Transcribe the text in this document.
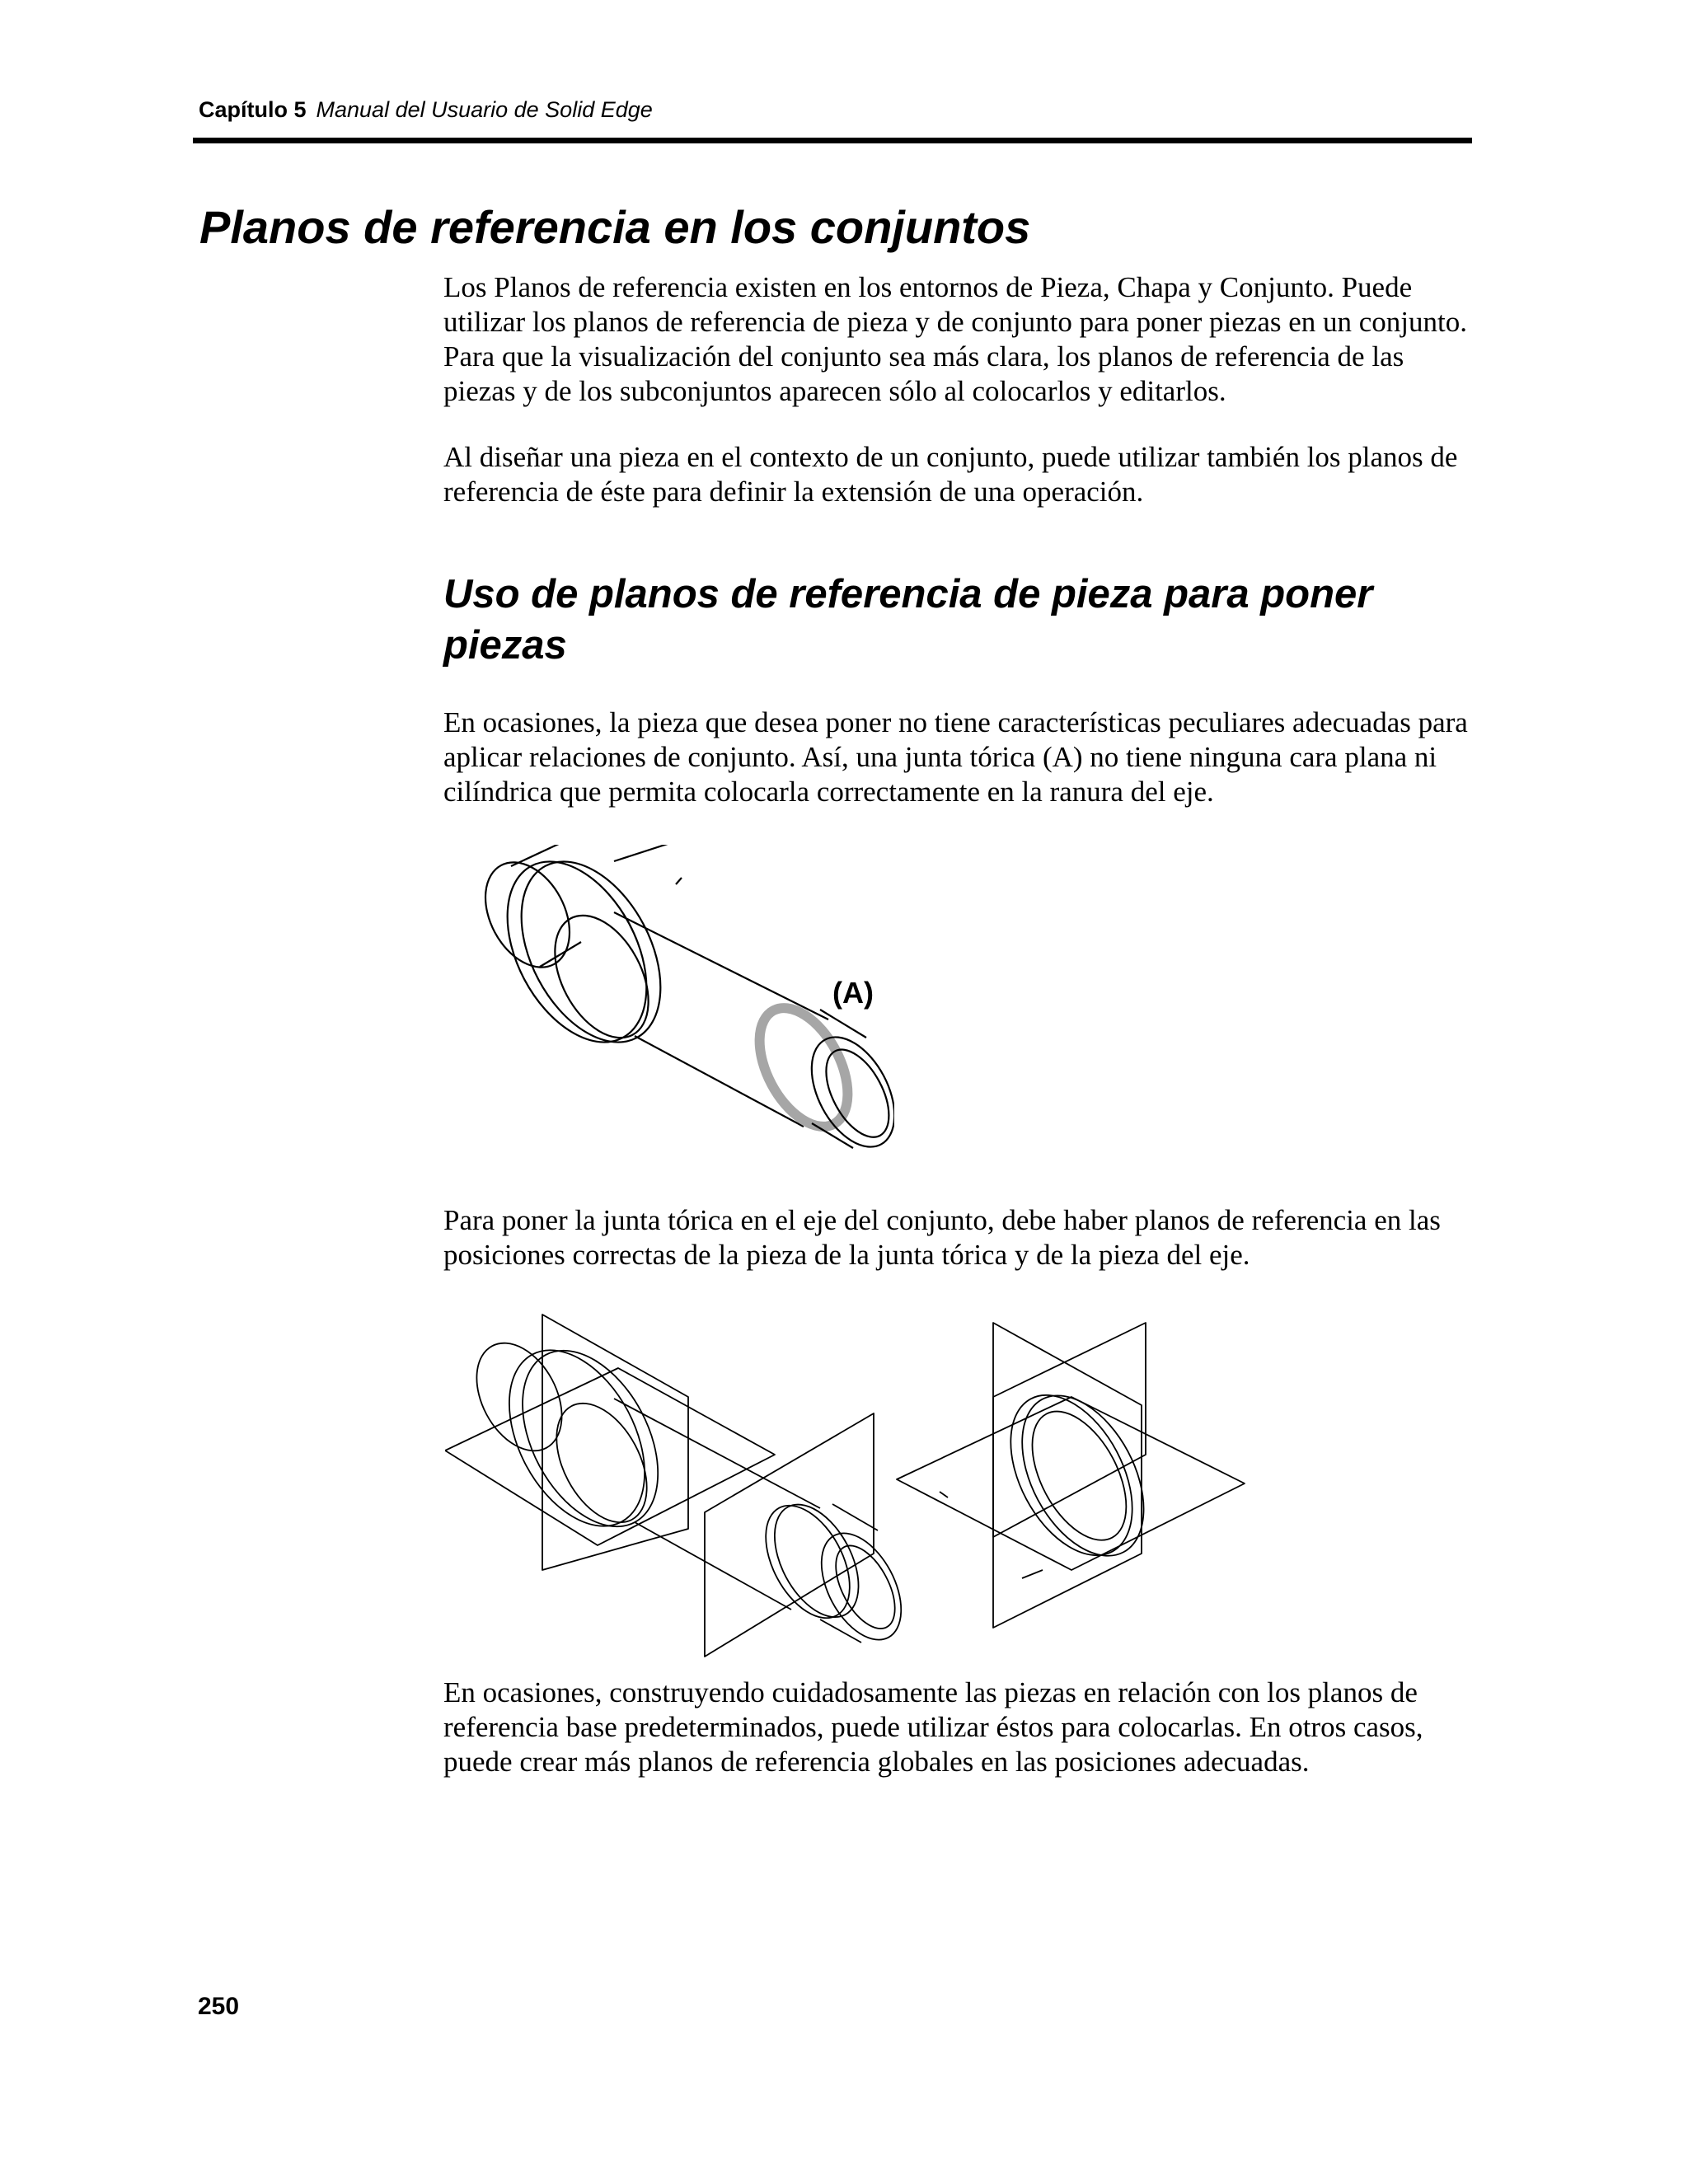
Capítulo 5 Manual del Usuario de Solid Edge
Planos de referencia en los conjuntos

Los Planos de referencia existen en los entornos de Pieza, Chapa y Conjunto. Puede utilizar los planos de referencia de pieza y de conjunto para poner piezas en un conjunto. Para que la visualización del conjunto sea más clara, los planos de referencia de las piezas y de los subconjuntos aparecen sólo al colocarlos y editarlos.

Al diseñar una pieza en el contexto de un conjunto, puede utilizar también los planos de referencia de éste para definir la extensión de una operación.

Uso de planos de referencia de pieza para poner piezas

En ocasiones, la pieza que desea poner no tiene características peculiares adecuadas para aplicar relaciones de conjunto. Así, una junta tórica (A) no tiene ninguna cara plana ni cilíndrica que permita colocarla correctamente en la ranura del eje.

(A)

Para poner la junta tórica en el eje del conjunto, debe haber planos de referencia en las posiciones correctas de la pieza de la junta tórica y de la pieza del eje.

En ocasiones, construyendo cuidadosamente las piezas en relación con los planos de referencia base predeterminados, puede utilizar éstos para colocarlas. En otros casos, puede crear más planos de referencia globales en las posiciones adecuadas.

250
